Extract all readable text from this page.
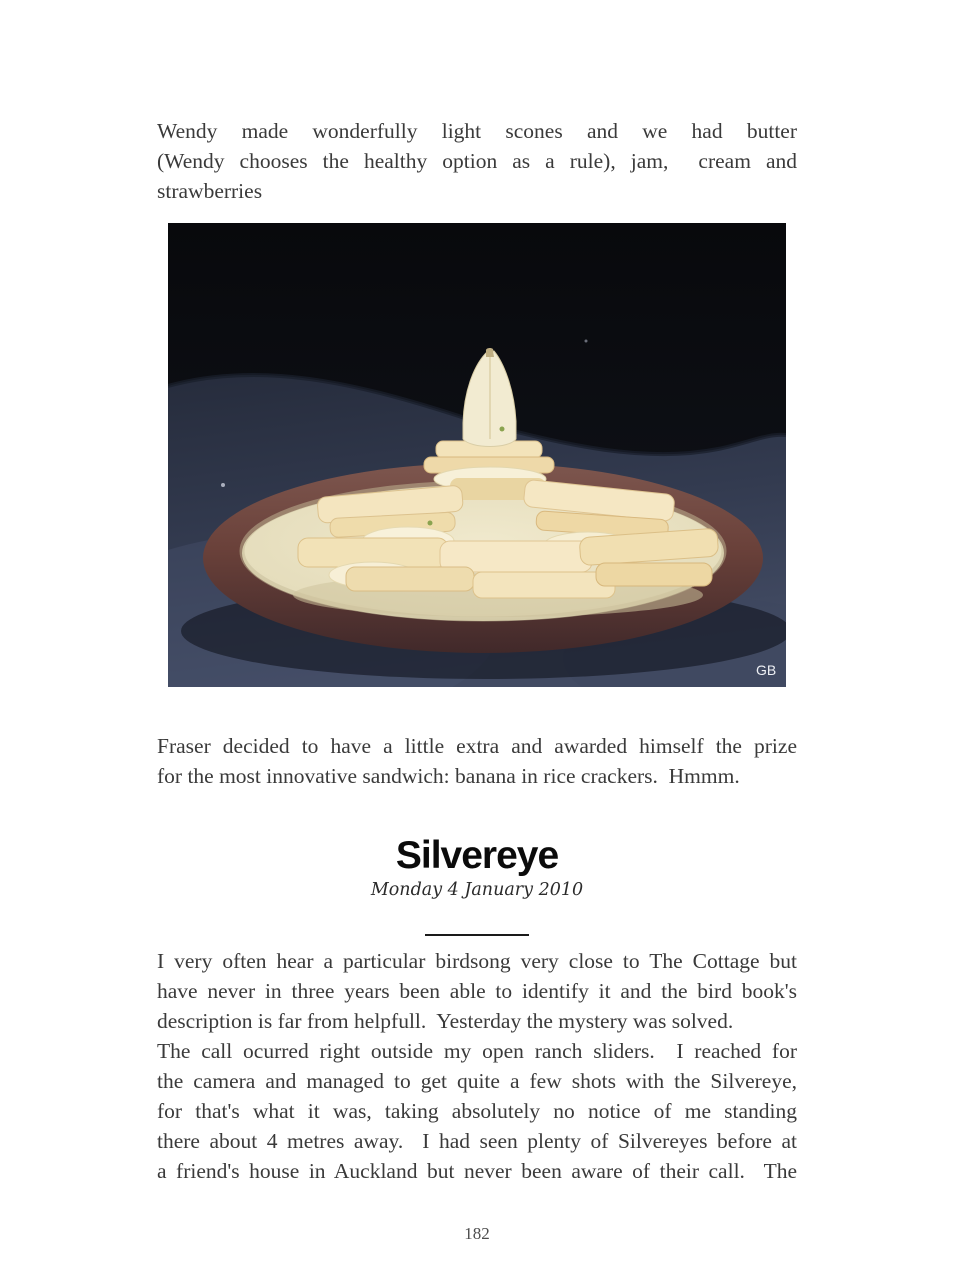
Wendy made wonderfully light scones and we had butter
(Wendy chooses the healthy option as a rule), jam,  cream and
strawberries
GB
Fraser decided to have a little extra and awarded himself the prize
for the most innovative sandwich: banana in rice crackers.  Hmmm.
Silvereye
Monday 4 January 2010
I very often hear a particular birdsong very close to The Cottage but
have never in three years been able to identify it and the bird book's
description is far from helpfull.  Yesterday the mystery was solved.
The call ocurred right outside my open ranch sliders.  I reached for
the camera and managed to get quite a few shots with the Silvereye,
for that's what it was, taking absolutely no notice of me standing
there about 4 metres away.  I had seen plenty of Silvereyes before at
a friend's house in Auckland but never been aware of their call.  The
182
